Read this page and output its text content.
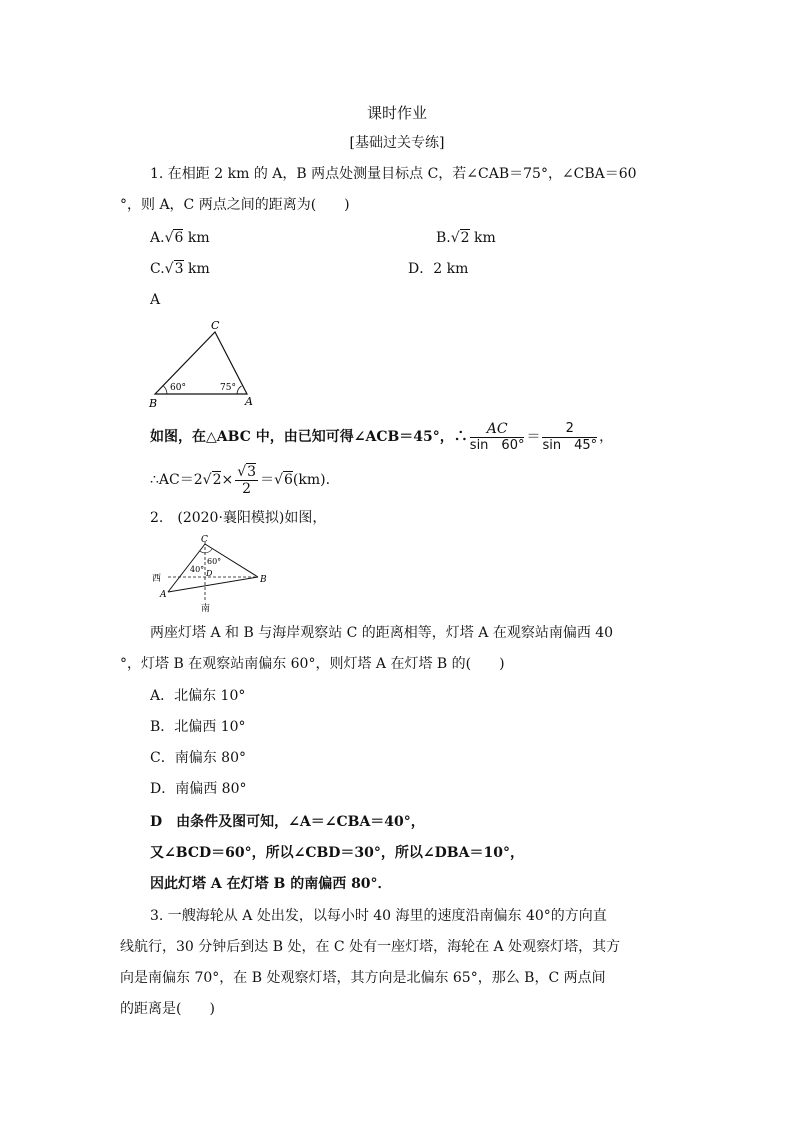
课时作业
[基础过关专练]
1. 在相距 2 km 的 A，B 两点处测量目标点 C，若∠CAB＝75°，∠CBA＝60
°，则 A，C 两点之间的距离为(　　)
A.√6 km	B.√2 km
C.√3 km	D．2 km
A
C
B	A
60°	75°
如图，在△ABC 中，由已知可得∠ACB＝45°，∴ $\frac{AC}{\sin 60^\circ} = \frac{2}{\sin 45^\circ}$ ，
∴AC＝2√2× $\frac{√3}{2} =√6(km)$.
2.　(2020·襄阳模拟)如图，
C
B
A
D
西
南
40°
60°
两座灯塔 A 和 B 与海岸观察站 C 的距离相等，灯塔 A 在观察站南偏西 40
°，灯塔 B 在观察站南偏东 60°，则灯塔 A 在灯塔 B 的(　　)
A．北偏东 10°
B．北偏西 10°
C．南偏东 80°
D．南偏西 80°
D　由条件及图可知，∠A＝∠CBA＝40°，
又∠BCD＝60°，所以∠CBD＝30°，所以∠DBA＝10°，
因此灯塔 A 在灯塔 B 的南偏西 80°．
3. 一艘海轮从 A 处出发，以每小时 40 海里的速度沿南偏东 40°的方向直
线航行，30 分钟后到达 B 处，在 C 处有一座灯塔，海轮在 A 处观察灯塔，其方
向是南偏东 70°，在 B 处观察灯塔，其方向是北偏东 65°，那么 B，C 两点间
的距离是(　　)
